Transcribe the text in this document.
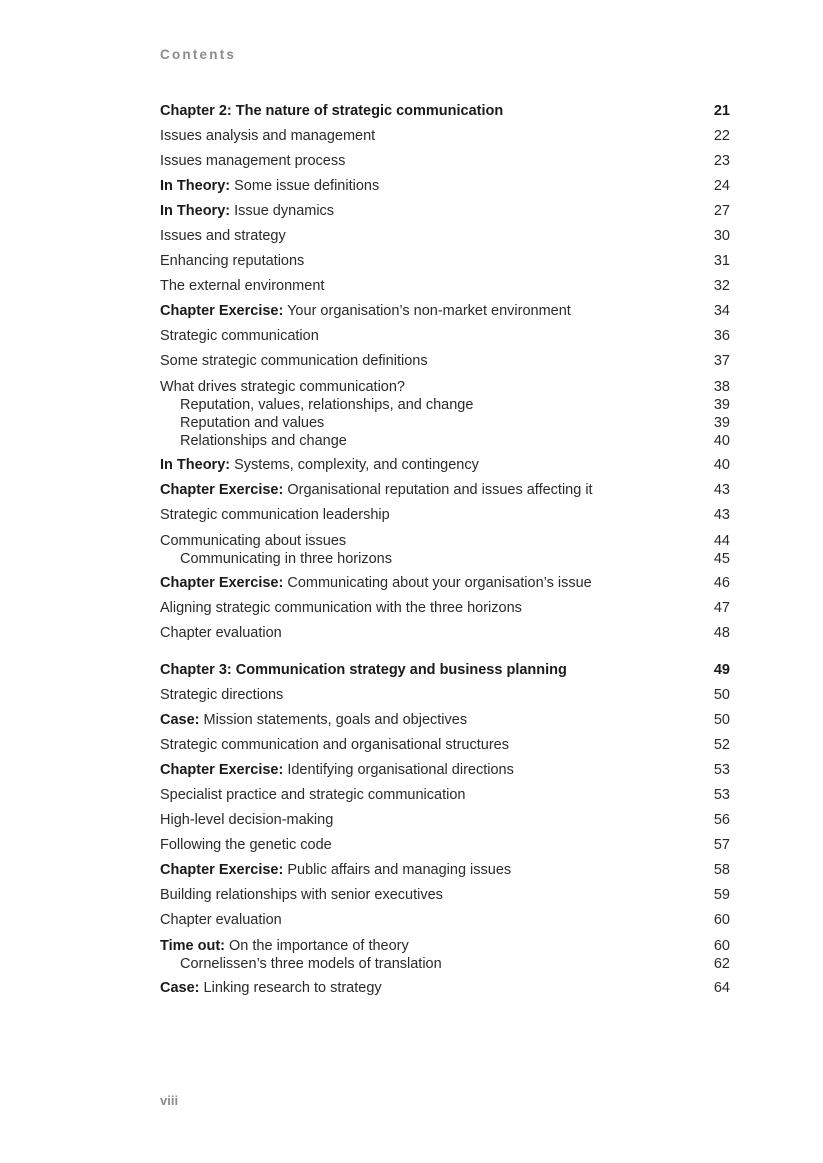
Contents
Chapter 2: The nature of strategic communication	21
Issues analysis and management	22
Issues management process	23
In Theory: Some issue definitions	24
In Theory: Issue dynamics	27
Issues and strategy	30
Enhancing reputations	31
The external environment	32
Chapter Exercise: Your organisation’s non-market environment	34
Strategic communication	36
Some strategic communication definitions	37
What drives strategic communication?	38
Reputation, values, relationships, and change	39
Reputation and values	39
Relationships and change	40
In Theory: Systems, complexity, and contingency	40
Chapter Exercise: Organisational reputation and issues affecting it	43
Strategic communication leadership	43
Communicating about issues	44
Communicating in three horizons	45
Chapter Exercise: Communicating about your organisation’s issue	46
Aligning strategic communication with the three horizons	47
Chapter evaluation	48
Chapter 3: Communication strategy and business planning	49
Strategic directions	50
Case: Mission statements, goals and objectives	50
Strategic communication and organisational structures	52
Chapter Exercise: Identifying organisational directions	53
Specialist practice and strategic communication	53
High-level decision-making	56
Following the genetic code	57
Chapter Exercise: Public affairs and managing issues	58
Building relationships with senior executives	59
Chapter evaluation	60
Time out: On the importance of theory	60
Cornelissen’s three models of translation	62
Case: Linking research to strategy	64
viii
